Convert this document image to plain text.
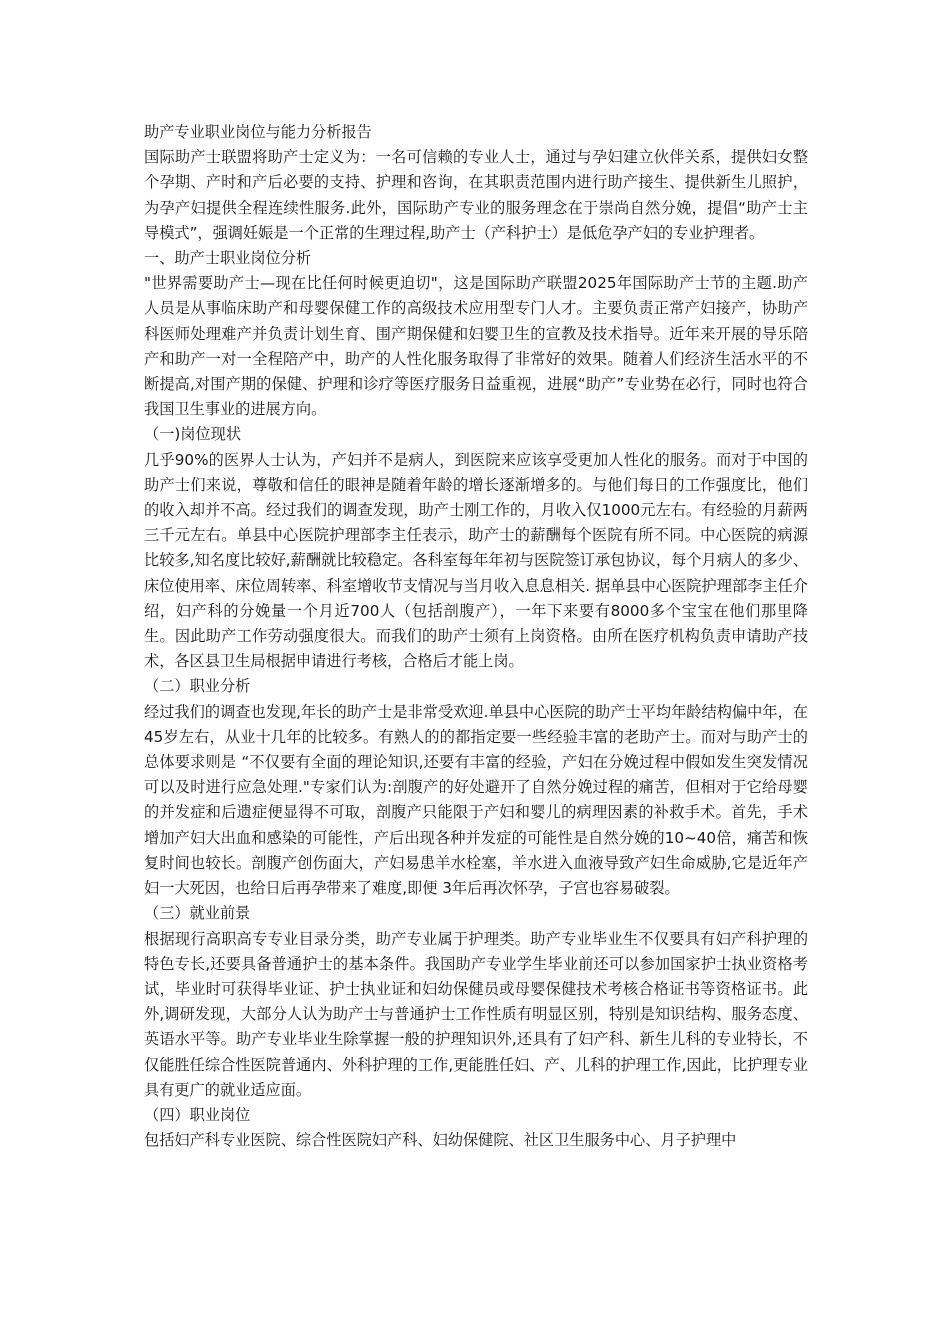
助产专业职业岗位与能力分析报告

国际助产士联盟将助产士定义为：一名可信赖的专业人士，通过与孕妇建立伙伴关系，提供妇女整个孕期、产时和产后必要的支持、护理和咨询，在其职责范围内进行助产接生、提供新生儿照护，为孕产妇提供全程连续性服务.此外，国际助产专业的服务理念在于崇尚自然分娩，提倡“助产士主导模式”，强调妊娠是一个正常的生理过程,助产士（产科护士）是低危孕产妇的专业护理者。

一、助产士职业岗位分析

"世界需要助产士—现在比任何时候更迫切"，这是国际助产联盟2025年国际助产士节的主题.助产人员是从事临床助产和母婴保健工作的高级技术应用型专门人才。主要负责正常产妇接产，协助产科医师处理难产并负责计划生育、围产期保健和妇婴卫生的宣教及技术指导。近年来开展的导乐陪产和助产一对一全程陪产中，助产的人性化服务取得了非常好的效果。随着人们经济生活水平的不断提高,对围产期的保健、护理和诊疗等医疗服务日益重视，进展“助产”专业势在必行，同时也符合我国卫生事业的进展方向。

（一)岗位现状

几乎90%的医界人士认为，产妇并不是病人，到医院来应该享受更加人性化的服务。而对于中国的助产士们来说，尊敬和信任的眼神是随着年龄的增长逐渐增多的。与他们每日的工作强度比，他们的收入却并不高。经过我们的调查发现，助产士刚工作的，月收入仅1000元左右。有经验的月薪两三千元左右。单县中心医院护理部李主任表示，助产士的薪酬每个医院有所不同。中心医院的病源比较多,知名度比较好,薪酬就比较稳定。各科室每年年初与医院签订承包协议，每个月病人的多少、床位使用率、床位周转率、科室增收节支情况与当月收入息息相关. 据单县中心医院护理部李主任介绍，妇产科的分娩量一个月近700人（包括剖腹产），一年下来要有8000多个宝宝在他们那里降生。因此助产工作劳动强度很大。而我们的助产士须有上岗资格。由所在医疗机构负责申请助产技术，各区县卫生局根据申请进行考核，合格后才能上岗。

（二）职业分析

经过我们的调查也发现,年长的助产士是非常受欢迎.单县中心医院的助产士平均年龄结构偏中年，在45岁左右，从业十几年的比较多。有熟人的的都指定要一些经验丰富的老助产士。而对与助产士的总体要求则是 “不仅要有全面的理论知识,还要有丰富的经验，产妇在分娩过程中假如发生突发情况可以及时进行应急处理."专家们认为:剖腹产的好处避开了自然分娩过程的痛苦，但相对于它给母婴的并发症和后遗症便显得不可取，剖腹产只能限于产妇和婴儿的病理因素的补救手术。首先，手术增加产妇大出血和感染的可能性，产后出现各种并发症的可能性是自然分娩的10~40倍，痛苦和恢复时间也较长。剖腹产创伤面大，产妇易患羊水栓塞，羊水进入血液导致产妇生命威胁,它是近年产妇一大死因，也给日后再孕带来了难度,即便 3年后再次怀孕，子宫也容易破裂。

（三）就业前景

根据现行高职高专专业目录分类，助产专业属于护理类。助产专业毕业生不仅要具有妇产科护理的特色专长,还要具备普通护士的基本条件。我国助产专业学生毕业前还可以参加国家护士执业资格考试，毕业时可获得毕业证、护士执业证和妇幼保健员或母婴保健技术考核合格证书等资格证书。此外,调研发现，大部分人认为助产士与普通护士工作性质有明显区别，特别是知识结构、服务态度、英语水平等。助产专业毕业生除掌握一般的护理知识外,还具有了妇产科、新生儿科的专业特长，不仅能胜任综合性医院普通内、外科护理的工作,更能胜任妇、产、儿科的护理工作,因此，比护理专业具有更广的就业适应面。

（四）职业岗位

包括妇产科专业医院、综合性医院妇产科、妇幼保健院、社区卫生服务中心、月子护理中
